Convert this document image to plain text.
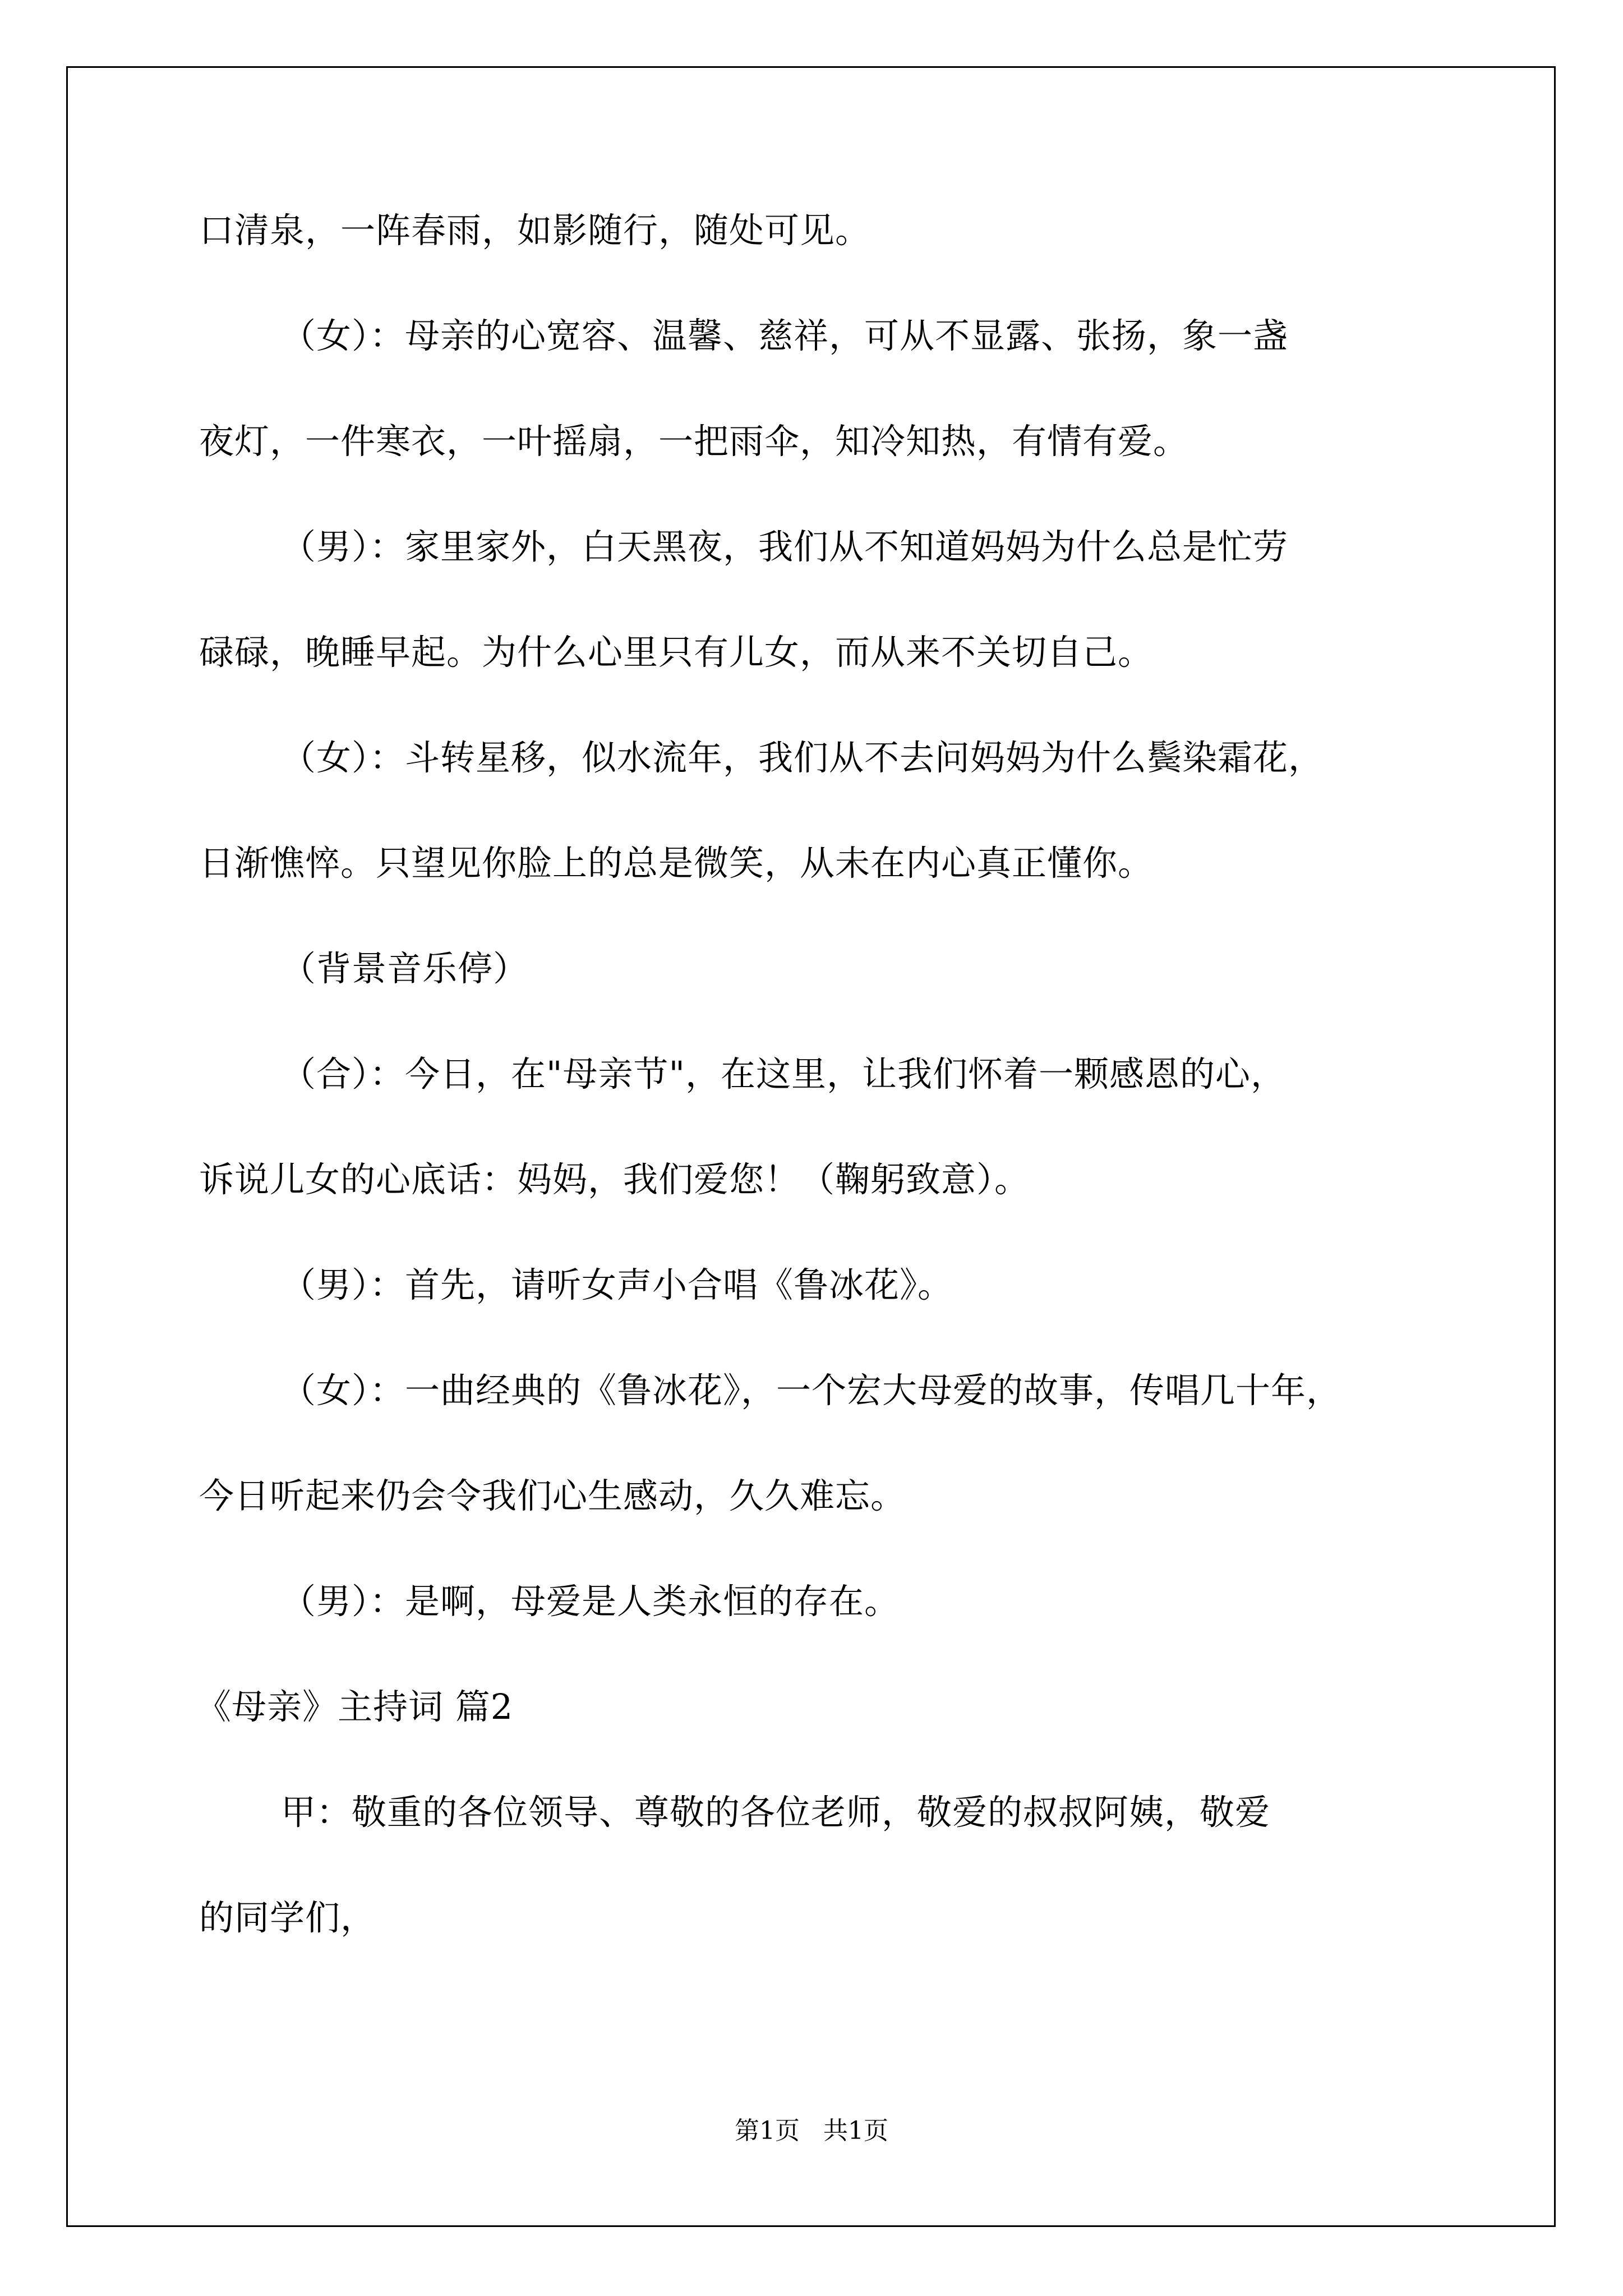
口清泉，一阵春雨，如影随行，随处可见。
（女）：母亲的心宽容、温馨、慈祥，可从不显露、张扬，象一盏
夜灯，一件寒衣，一叶摇扇，一把雨伞，知冷知热，有情有爱。
（男）：家里家外，白天黑夜，我们从不知道妈妈为什么总是忙劳
碌碌，晚睡早起。为什么心里只有儿女，而从来不关切自己。
（女）：斗转星移，似水流年，我们从不去问妈妈为什么鬓染霜花，
日渐憔悴。只望见你脸上的总是微笑，从未在内心真正懂你。
（背景音乐停）
（合）：今日，在"母亲节"，在这里，让我们怀着一颗感恩的心，
诉说儿女的心底话：妈妈，我们爱您！（鞠躬致意）。
（男）：首先，请听女声小合唱《鲁冰花》。
（女）：一曲经典的《鲁冰花》，一个宏大母爱的故事，传唱几十年，
今日听起来仍会令我们心生感动，久久难忘。
（男）：是啊，母爱是人类永恒的存在。
《母亲》主持词 篇2
甲：敬重的各位领导、尊敬的各位老师，敬爱的叔叔阿姨，敬爱
的同学们，
第1页   共1页
